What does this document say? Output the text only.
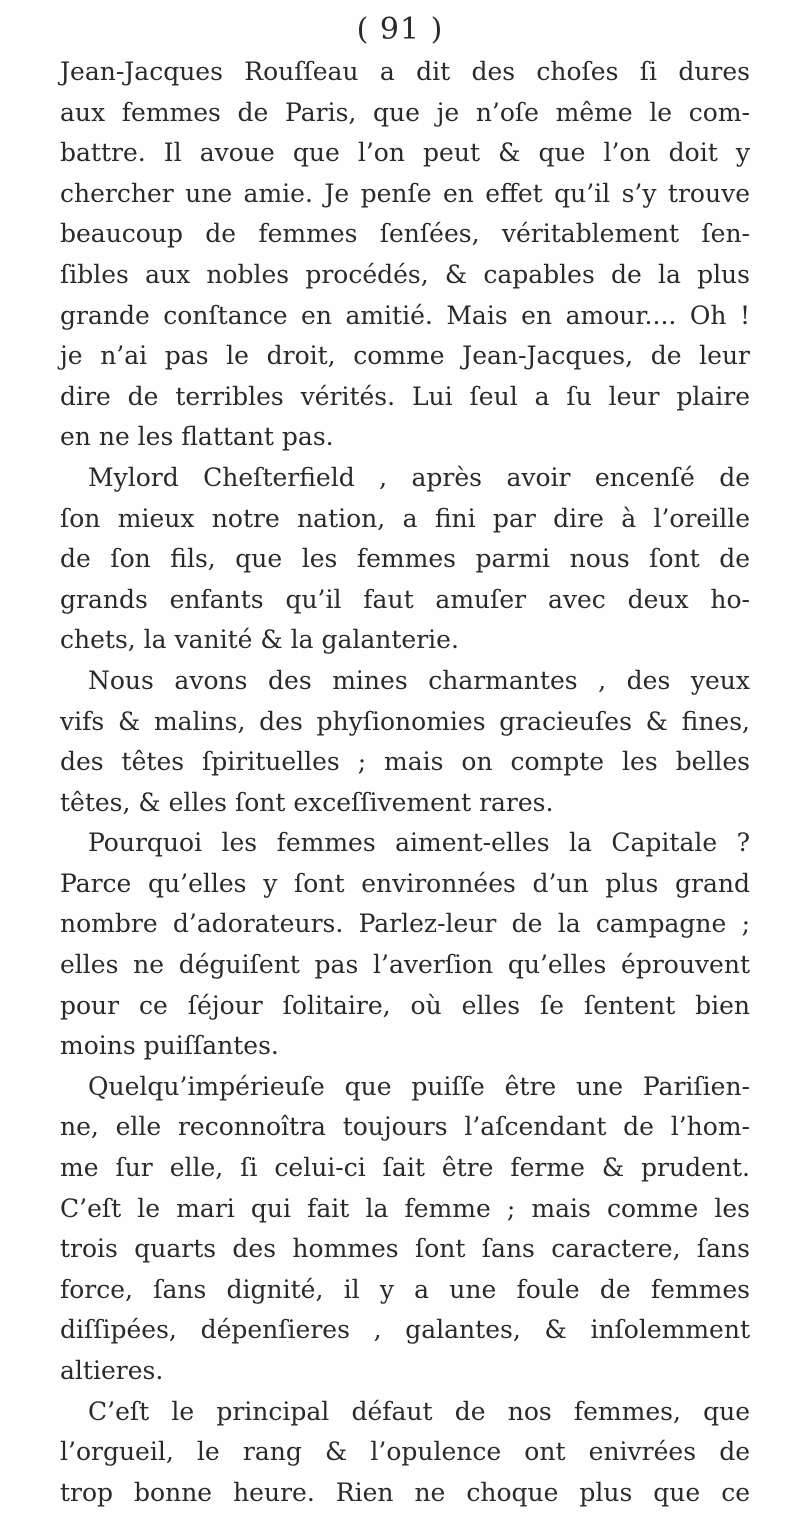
( 91 )
Jean-Jacques Rouſſeau a dit des choſes ſi dures
aux femmes de Paris, que je n’oſe même le com-
battre. Il avoue que l’on peut & que l’on doit y
chercher une amie. Je penſe en effet qu’il s’y trouve
beaucoup de femmes ſenſées, véritablement ſen-
ſibles aux nobles procédés, & capables de la plus
grande conſtance en amitié. Mais en amour.... Oh !
je n’ai pas le droit, comme Jean-Jacques, de leur
dire de terribles vérités. Lui ſeul a ſu leur plaire
en ne les flattant pas.
Mylord Cheſterfield , après avoir encenſé de
ſon mieux notre nation, a fini par dire à l’oreille
de ſon fils, que les femmes parmi nous ſont de
grands enfants qu’il faut amuſer avec deux ho-
chets, la vanité & la galanterie.
Nous avons des mines charmantes , des yeux
vifs & malins, des phyſionomies gracieuſes & fines,
des têtes ſpirituelles ; mais on compte les belles
têtes, & elles ſont exceſſivement rares.
Pourquoi les femmes aiment-elles la Capitale ?
Parce qu’elles y ſont environnées d’un plus grand
nombre d’adorateurs. Parlez-leur de la campagne ;
elles ne déguiſent pas l’averſion qu’elles éprouvent
pour ce ſéjour ſolitaire, où elles ſe ſentent bien
moins puiſſantes.
Quelqu’impérieuſe que puiſſe être une Pariſien-
ne, elle reconnoîtra toujours l’aſcendant de l’hom-
me ſur elle, ſi celui-ci ſait être ferme & prudent.
C’eſt le mari qui fait la femme ; mais comme les
trois quarts des hommes ſont ſans caractere, ſans
force, ſans dignité, il y a une foule de femmes
diſſipées, dépenſieres , galantes, & inſolemment
altieres.
C’eſt le principal défaut de nos femmes, que
l’orgueil, le rang & l’opulence ont enivrées de
trop bonne heure. Rien ne choque plus que ce
